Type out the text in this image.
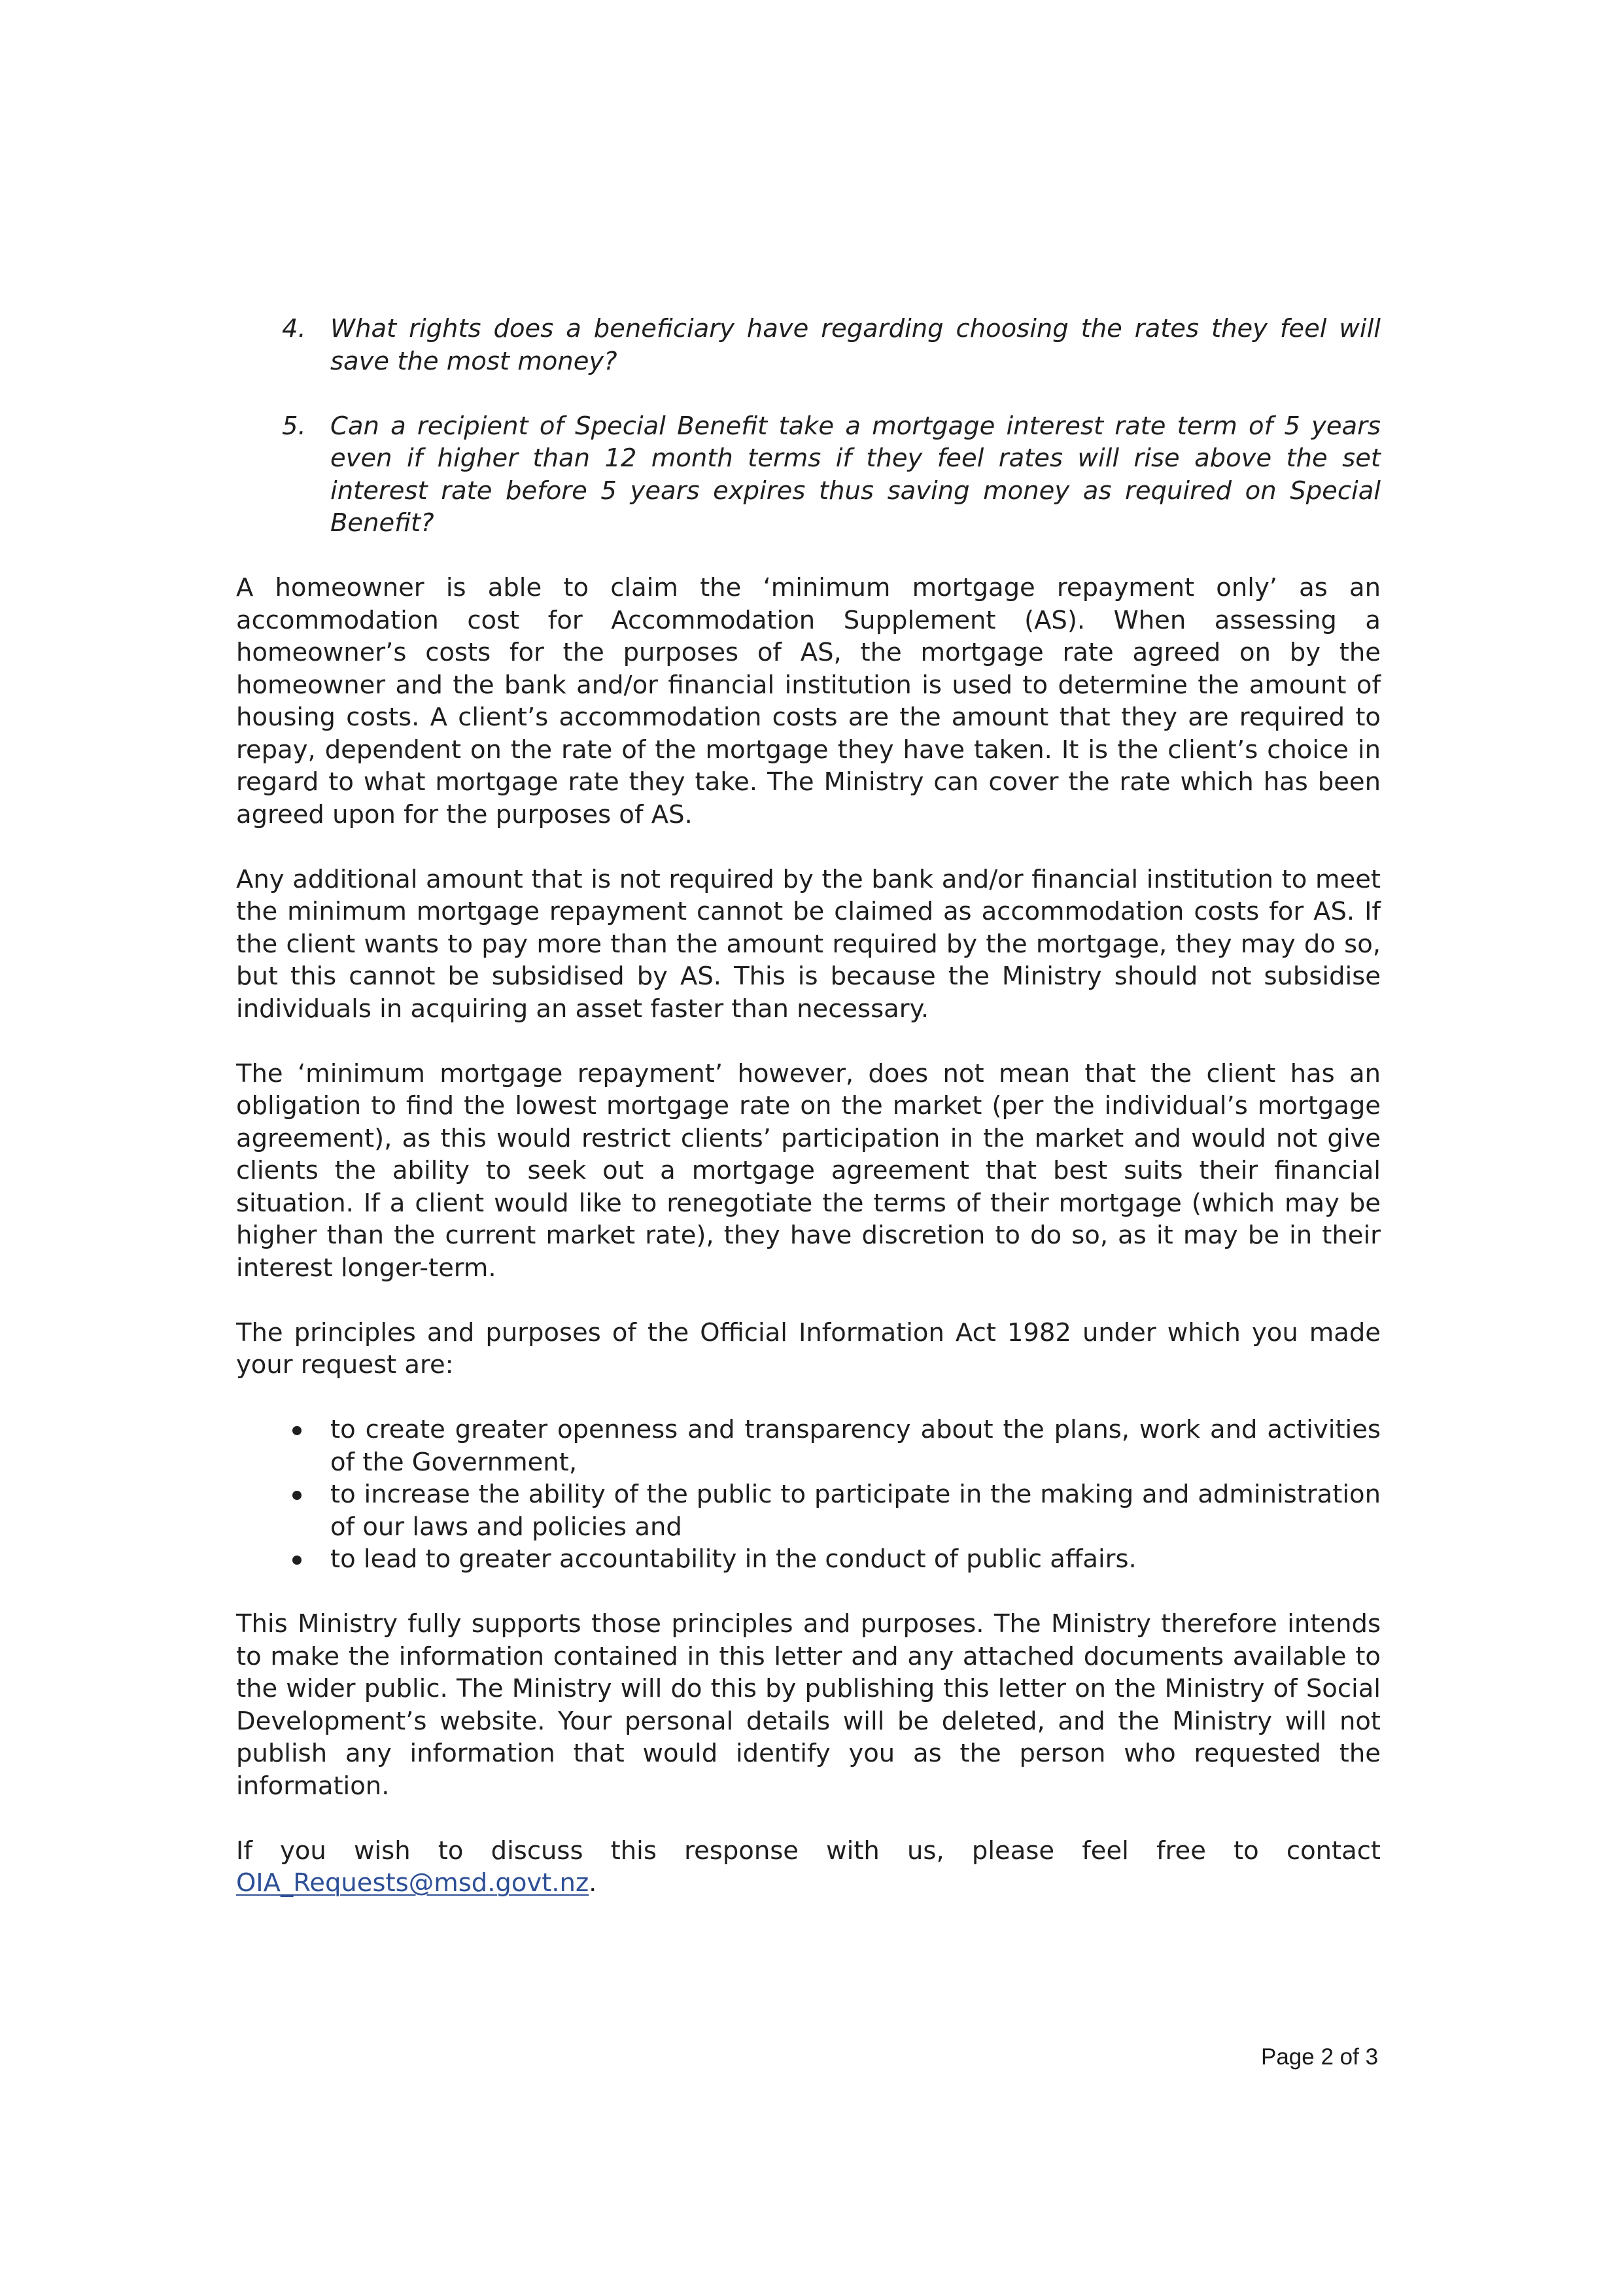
4. What rights does a beneficiary have regarding choosing the rates they feel will save the most money?
5. Can a recipient of Special Benefit take a mortgage interest rate term of 5 years even if higher than 12 month terms if they feel rates will rise above the set interest rate before 5 years expires thus saving money as required on Special Benefit?

A homeowner is able to claim the ‘minimum mortgage repayment only’ as an accommodation cost for Accommodation Supplement (AS). When assessing a homeowner’s costs for the purposes of AS, the mortgage rate agreed on by the homeowner and the bank and/or financial institution is used to determine the amount of housing costs. A client’s accommodation costs are the amount that they are required to repay, dependent on the rate of the mortgage they have taken. It is the client’s choice in regard to what mortgage rate they take. The Ministry can cover the rate which has been agreed upon for the purposes of AS.

Any additional amount that is not required by the bank and/or financial institution to meet the minimum mortgage repayment cannot be claimed as accommodation costs for AS. If the client wants to pay more than the amount required by the mortgage, they may do so, but this cannot be subsidised by AS. This is because the Ministry should not subsidise individuals in acquiring an asset faster than necessary.

The ‘minimum mortgage repayment’ however, does not mean that the client has an obligation to find the lowest mortgage rate on the market (per the individual’s mortgage agreement), as this would restrict clients’ participation in the market and would not give clients the ability to seek out a mortgage agreement that best suits their financial situation. If a client would like to renegotiate the terms of their mortgage (which may be higher than the current market rate), they have discretion to do so, as it may be in their interest longer-term.

The principles and purposes of the Official Information Act 1982 under which you made your request are:

to create greater openness and transparency about the plans, work and activities of the Government,
to increase the ability of the public to participate in the making and administration of our laws and policies and
to lead to greater accountability in the conduct of public affairs.

This Ministry fully supports those principles and purposes. The Ministry therefore intends to make the information contained in this letter and any attached documents available to the wider public. The Ministry will do this by publishing this letter on the Ministry of Social Development’s website. Your personal details will be deleted, and the Ministry will not publish any information that would identify you as the person who requested the information.

If you wish to discuss this response with us, please feel free to contact OIA_Requests@msd.govt.nz.

Page 2 of 3
